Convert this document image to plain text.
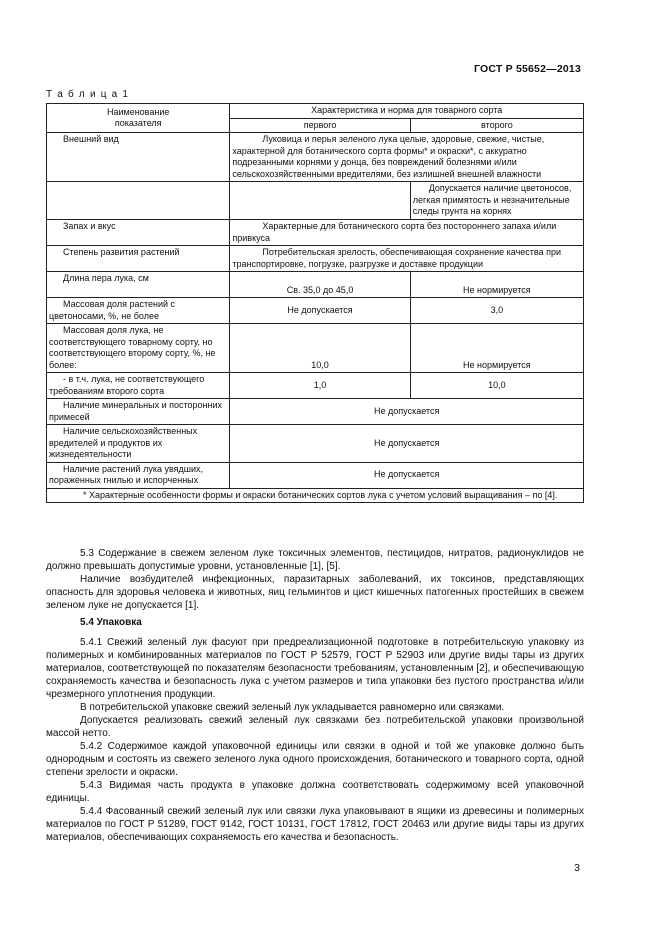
ГОСТ Р 55652—2013
Т а б л и ц а 1
Наименование
показателя	Характеристика и норма для товарного сорта	
	первого	второго
Внешний вид	Луковица и перья зеленого лука целые, здоровые, свежие, чистые, характерной для ботанического сорта формы* и окраски*, с аккуратно подрезанными корнями у донца, без повреждений болезнями и/или сельскохозяйственными вредителями, без излишней внешней влажности	
		Допускается наличие цветоносов, легкая примятость и незначительные следы грунта на корнях
Запах и вкус	Характерные для ботанического сорта без постороннего запаха и/или привкуса	
Степень развития растений	Потребительская зрелость, обеспечивающая сохранение качества при транспортировке, погрузке, разгрузке и доставке продукции	
Длина пера лука, см	Св. 35,0 до 45,0	Не нормируется
Массовая доля растений с цветоносами, %, не более	Не допускается	3,0
Массовая доля лука, не соответствующего товарному сорту, но соответствующего второму сорту, %, не более:	10,0	Не нормируется
- в т.ч. лука, не соответствующего требованиям второго сорта	1,0	10,0
Наличие минеральных и посторонних примесей	Не допускается	
Наличие сельскохозяйственных вредителей и продуктов их жизнедеятельности	Не допускается	
Наличие растений лука увядших, пораженных гнилью и испорченных	Не допускается	
* Характерные особенности формы и окраски ботанических сортов лука с учетом условий выращивания – по [4].		

5.3 Содержание в свежем зеленом луке токсичных элементов, пестицидов, нитратов, радионуклидов не должно превышать допустимые уровни, установленные [1], [5].

Наличие возбудителей инфекционных, паразитарных заболеваний, их токсинов, представляющих опасность для здоровья человека и животных, яиц гельминтов и цист кишечных патогенных простейших в свежем зеленом луке не допускается [1].

5.4 Упаковка

5.4.1 Свежий зеленый лук фасуют при предреализационной подготовке в потребительскую упаковку из полимерных и комбинированных материалов по ГОСТ Р 52579, ГОСТ Р 52903 или другие виды тары из других материалов, соответствующей по показателям безопасности требованиям, установленным [2], и обеспечивающую сохраняемость качества и безопасность лука с учетом размеров и типа упаковки без пустого пространства и/или чрезмерного уплотнения продукции.

В потребительской упаковке свежий зеленый лук укладывается равномерно или связками.

Допускается реализовать свежий зеленый лук связками без потребительской упаковки произвольной массой нетто.

5.4.2 Содержимое каждой упаковочной единицы или связки в одной и той же упаковке должно быть однородным и состоять из свежего зеленого лука одного происхождения, ботанического и товарного сорта, одной степени зрелости и окраски.

5.4.3 Видимая часть продукта в упаковке должна соответствовать содержимому всей упаковочной единицы.

5.4.4 Фасованный свежий зеленый лук или связки лука упаковывают в ящики из древесины и полимерных материалов по ГОСТ Р 51289, ГОСТ 9142, ГОСТ 10131, ГОСТ 17812, ГОСТ 20463 или другие виды тары из других материалов, обеспечивающих сохраняемость его качества и безопасность.

3
